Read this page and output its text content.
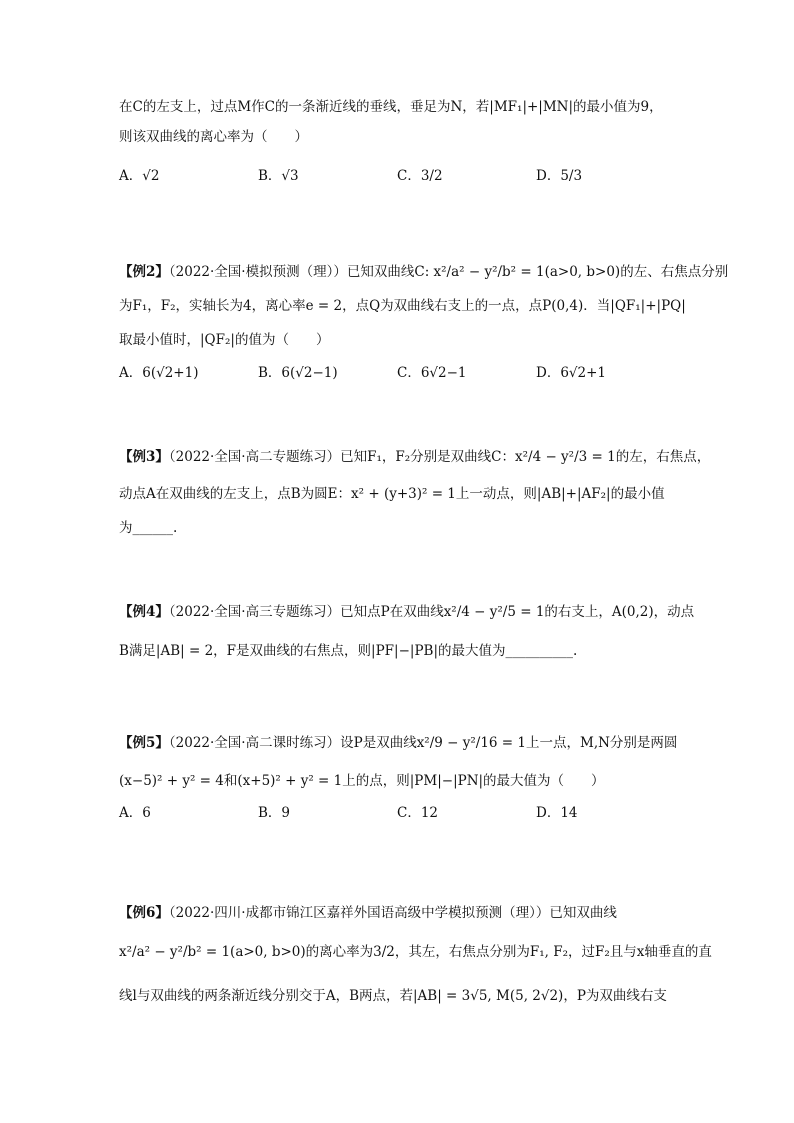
在C的左支上，过点M作C的一条渐近线的垂线，垂足为N，若|MF₁|+|MN|的最小值为9，
则该双曲线的离心率为（　　）
A．√2	B．√3	C．3/2	D．5/3
【例2】（2022·全国·模拟预测（理））已知双曲线C: x²/a² − y²/b² = 1(a>0, b>0)的左、右焦点分别
为F₁，F₂，实轴长为4，离心率e = 2，点Q为双曲线右支上的一点，点P(0,4)．当|QF₁|+|PQ|
取最小值时，|QF₂|的值为（　　）
A．6(√2+1)	B．6(√2−1)	C．6√2−1	D．6√2+1
【例3】（2022·全国·高二专题练习）已知F₁，F₂分别是双曲线C：x²/4 − y²/3 = 1的左，右焦点，
动点A在双曲线的左支上，点B为圆E：x² + (y+3)² = 1上一动点，则|AB|+|AF₂|的最小值
为______.
【例4】（2022·全国·高三专题练习）已知点P在双曲线x²/4 − y²/5 = 1的右支上，A(0,2)，动点
B满足|AB| = 2，F是双曲线的右焦点，则|PF|−|PB|的最大值为__________.
【例5】（2022·全国·高二课时练习）设P是双曲线x²/9 − y²/16 = 1上一点，M,N分别是两圆
(x−5)² + y² = 4和(x+5)² + y² = 1上的点，则|PM|−|PN|的最大值为（　　）
A．6	B．9	C．12	D．14
【例6】（2022·四川·成都市锦江区嘉祥外国语高级中学模拟预测（理））已知双曲线
x²/a² − y²/b² = 1(a>0, b>0)的离心率为3/2，其左，右焦点分别为F₁, F₂，过F₂且与x轴垂直的直
线l与双曲线的两条渐近线分别交于A，B两点，若|AB| = 3√5, M(5, 2√2)，P为双曲线右支
